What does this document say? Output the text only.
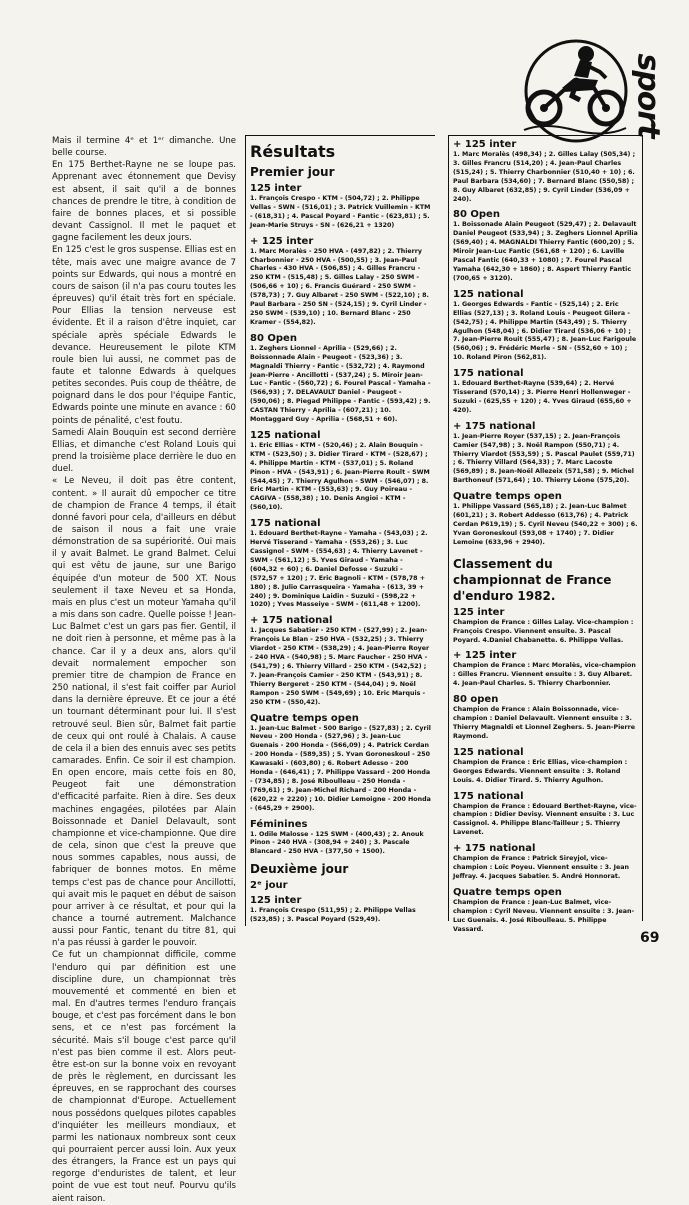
sport

Mais il termine 4ᵉ et 1ᵉʳ dimanche. Une belle course.

En 175 Berthet-Rayne ne se loupe pas. Apprenant avec étonnement que Devisy est absent, il sait qu'il a de bonnes chances de prendre le titre, à condition de faire de bonnes places, et si possible devant Cassignol. Il met le paquet et gagne facilement les deux jours.

En 125 c'est le gros suspense. Ellias est en tête, mais avec une maigre avance de 7 points sur Edwards, qui nous a montré en cours de saison (il n'a pas couru toutes les épreuves) qu'il était très fort en spéciale. Pour Ellias la tension nerveuse est évidente. Et il a raison d'être inquiet, car spéciale après spéciale Edwards le devance. Heureusement le pilote KTM roule bien lui aussi, ne commet pas de faute et talonne Edwards à quelques petites secondes. Puis coup de théâtre, de poignard dans le dos pour l'équipe Fantic, Edwards pointe une minute en avance : 60 points de pénalité, c'est foutu.

Samedi Alain Bouquin est second derrière Ellias, et dimanche c'est Roland Louis qui prend la troisième place derrière le duo en duel.

« Le Neveu, il doit pas être content, content. » Il aurait dû empocher ce titre de champion de France 4 temps, il était donné favori pour cela, d'ailleurs en début de saison il nous a fait une vraie démonstration de sa supériorité. Oui mais il y avait Balmet. Le grand Balmet. Celui qui est vêtu de jaune, sur une Barigo équipée d'un moteur de 500 XT. Nous seulement il taxe Neveu et sa Honda, mais en plus c'est un moteur Yamaha qu'il a mis dans son cadre. Quelle poisse ! Jean-Luc Balmet c'est un gars pas fier. Gentil, il ne doit rien à personne, et même pas à la chance. Car il y a deux ans, alors qu'il devait normalement empocher son premier titre de champion de France en 250 national, il s'est fait coiffer par Auriol dans la dernière épreuve. Et ce jour a été un tournant déterminant pour lui. Il s'est retrouvé seul. Bien sûr, Balmet fait partie de ceux qui ont roulé à Chalais. A cause de cela il a bien des ennuis avec ses petits camarades. Enfin. Ce soir il est champion. En open encore, mais cette fois en 80, Peugeot fait une démonstration d'efficacité parfaite. Rien à dire. Ses deux machines engagées, pilotées par Alain Boissonnade et Daniel Delavault, sont championne et vice-championne. Que dire de cela, sinon que c'est la preuve que nous sommes capables, nous aussi, de fabriquer de bonnes motos. En même temps c'est pas de chance pour Ancillotti, qui avait mis le paquet en début de saison pour arriver à ce résultat, et pour qui la chance a tourné autrement. Malchance aussi pour Fantic, tenant du titre 81, qui n'a pas réussi à garder le pouvoir.

Ce fut un championnat difficile, comme l'enduro qui par définition est une discipline dure, un championnat très mouvementé et commenté en bien et mal. En d'autres termes l'enduro français bouge, et c'est pas forcément dans le bon sens, et ce n'est pas forcément la sécurité. Mais s'il bouge c'est parce qu'il n'est pas bien comme il est. Alors peut-être est-on sur la bonne voix en revoyant de près le règlement, en durcissant les épreuves, en se rapprochant des courses de championnat d'Europe. Actuellement nous possédons quelques pilotes capables d'inquiéter les meilleurs mondiaux, et parmi les nationaux nombreux sont ceux qui pourraient percer aussi loin. Aux yeux des étrangers, la France est un pays qui regorge d'enduristes de talent, et leur point de vue est tout neuf. Pourvu qu'ils aient raison.

Résultats
Premier jour
125 inter

1. François Crespo - KTM - (504,72) ; 2. Philippe Vellas - SWN - (516,01) ; 3. Patrick Vuillemin - KTM - (618,31) ; 4. Pascal Poyard - Fantic - (623,81) ; 5. Jean-Marie Struys - SN - (626,21 + 1320)

+ 125 inter

1. Marc Moralès - 250 HVA - (497,82) ; 2. Thierry Charbonnier - 250 HVA - (500,55) ; 3. Jean-Paul Charles - 430 HVA - (506,85) ; 4. Gilles Francru - 250 KTM - (515,48) ; 5. Gilles Lalay - 250 SWM - (506,66 + 10) ; 6. Francis Guérard - 250 SWM - (578,73) ; 7. Guy Albaret - 250 SWM - (522,10) ; 8. Paul Barbara - 250 SN - (524,15) ; 9. Cyril Linder - 250 SWM - (539,10) ; 10. Bernard Blanc - 250 Kramer - (554,82).

80 Open

1. Zeghers Lionnel - Aprilia - (529,66) ; 2. Boissonnade Alain - Peugeot - (523,36) ; 3. Magnaldi Thierry - Fantic - (532,72) ; 4. Raymond Jean-Pierre - Ancillotti - (537,24) ; 5. Miroir Jean-Luc - Fantic - (560,72) ; 6. Fourel Pascal - Yamaha - (566,93) ; 7. DELAVAULT Daniel - Peugeot - (590,06) ; 8. Piegad Philippe - Fantic - (593,42) ; 9. CASTAN Thierry - Aprilia - (607,21) ; 10. Montaggard Guy - Aprilia - (568,51 + 60).

125 national

1. Eric Ellias - KTM - (520,46) ; 2. Alain Bouquin - KTM - (523,50) ; 3. Didier Tirard - KTM - (528,67) ; 4. Philippe Martin - KTM - (537,01) ; 5. Roland Pinon - HVA - (543,91) ; 6. Jean-Pierre Roult - SWM (544,45) ; 7. Thierry Agulhon - SWM - (546,07) ; 8. Eric Martin - KTM - (553,63) ; 9. Guy Poireau - CAGIVA - (558,38) ; 10. Denis Angioi - KTM - (560,10).

175 national

1. Edouard Berthet-Rayne - Yamaha - (543,03) ; 2. Hervé Tisserand - Yamaha - (553,26) ; 3. Luc Cassignol - SWM - (554,63) ; 4. Thierry Lavenet - SWM - (561,12) ; 5. Yves Giraud - Yamaha - (604,32 + 60) ; 6. Daniel Defosse - Suzuki - (572,57 + 120) ; 7. Eric Bagnoli - KTM - (578,78 + 180) ; 8. Julio Carrasqueira - Yamaha - (613, 39 + 240) ; 9. Dominique Laidin - Suzuki - (598,22 + 1020) ; Yves Masseiye - SWM - (611,48 + 1200).

+ 175 national

1. Jacques Sabatier - 250 KTM - (527,99) ; 2. Jean-François Le Blan - 250 HVA - (532,25) ; 3. Thierry Viardot - 250 KTM - (538,29) ; 4. Jean-Pierre Royer - 240 HVA - (540,98) ; 5. Marc Faucher - 250 HVA - (541,79) ; 6. Thierry Villard - 250 KTM - (542,52) ; 7. Jean-François Camier - 250 KTM - (543,91) ; 8. Thierry Bergeret - 250 KTM - (544,04) ; 9. Noël Rampon - 250 SWM - (549,69) ; 10. Eric Marquis - 250 KTM - (550,42).

Quatre temps open

1. Jean-Luc Balmet - 500 Barigo - (527,83) ; 2. Cyril Neveu - 200 Honda - (527,96) ; 3. Jean-Luc Guenais - 200 Honda - (566,09) ; 4. Patrick Cerdan - 200 Honda - (589,35) ; 5. Yvan Goroneskoul - 250 Kawasaki - (603,80) ; 6. Robert Adesso - 200 Honda - (646,41) ; 7. Philippe Vassard - 200 Honda - (734,85) ; 8. José Riboulleau - 250 Honda - (769,61) ; 9. Jean-Michel Richard - 200 Honda - (620,22 + 2220) ; 10. Didier Lemoigne - 200 Honda - (645,29 + 2900).

Féminines

1. Odile Malosse - 125 SWM - (400,43) ; 2. Anouk Pinon - 240 HVA - (308,94 + 240) ; 3. Pascale Blancard - 250 HVA - (377,50 + 1500).

Deuxième jour
2ᵉ jour
125 inter

1. François Crespo (511,95) ; 2. Philippe Vellas (523,85) ; 3. Pascal Poyard (529,49).

+ 125 inter

1. Marc Moralès (498,34) ; 2. Gilles Lalay (505,34) ; 3. Gilles Francru (514,20) ; 4. Jean-Paul Charles (515,24) ; 5. Thierry Charbonnier (510,40 + 10) ; 6. Paul Barbara (534,60) ; 7. Bernard Blanc (550,58) ; 8. Guy Albaret (632,85) ; 9. Cyril Linder (536,09 + 240).

80 Open

1. Boissonade Alain Peugeot (529,47) ; 2. Delavault Daniel Peugeot (533,94) ; 3. Zeghers Lionnel Aprilia (569,40) ; 4. MAGNALDI Thierry Fantic (600,20) ; 5. Miroir Jean-Luc Fantic (561,68 + 120) ; 6. Laville Pascal Fantic (640,33 + 1080) ; 7. Fourel Pascal Yamaha (642,30 + 1860) ; 8. Aspert Thierry Fantic (700,65 + 3120).

125 national

1. Georges Edwards - Fantic - (525,14) ; 2. Eric Ellias (527,13) ; 3. Roland Louis - Peugeot Gilera - (542,75) ; 4. Philippe Martin (543,49) ; 5. Thierry Agulhon (548,04) ; 6. Didier Tirard (536,06 + 10) ; 7. Jean-Pierre Rouit (555,47) ; 8. Jean-Luc Farigoule (560,06) ; 9. Frédéric Merle - SN - (552,60 + 10) ; 10. Roland Piron (562,81).

175 national

1. Edouard Berthet-Rayne (539,64) ; 2. Hervé Tisserand (570,14) ; 3. Pierre Henri Hollenweger - Suzuki - (625,55 + 120) ; 4. Yves Giraud (655,60 + 420).

+ 175 national

1. Jean-Pierre Royer (537,15) ; 2. Jean-François Camier (547,98) ; 3. Noël Rampon (550,71) ; 4. Thierry Viardot (553,59) ; 5. Pascal Paulet (559,71) ; 6. Thierry Villard (564,33) ; 7. Marc Lacoste (569,89) ; 8. Jean-Noël Allezeix (571,58) ; 9. Michel Barthoneuf (571,64) ; 10. Thierry Léone (575,20).

Quatre temps open

1. Philippe Vassard (565,18) ; 2. Jean-Luc Balmet (601,21) ; 3. Robert Addesso (613,76) ; 4. Patrick Cerdan P619,19) ; 5. Cyril Neveu (540,22 + 300) ; 6. Yvan Goroneskoul (593,08 + 1740) ; 7. Didier Lemoine (633,96 + 2940).

Classement du championnat de France d'enduro 1982.
125 inter

Champion de France : Gilles Lalay. Vice-champion : François Crespo. Viennent ensuite. 3. Pascal Poyard. 4.Daniel Chabanette. 6. Philippe Vellas.

+ 125 inter

Champion de France : Marc Moralès, vice-champion : Gilles Francru. Viennent ensuite : 3. Guy Albaret. 4. Jean-Paul Charles. 5. Thierry Charbonnier.

80 open

Champion de France : Alain Boissonnade, vice-champion : Daniel Delavault. Viennent ensuite : 3. Thierry Magnaldi et Lionnel Zeghers. 5. Jean-Pierre Raymond.

125 national

Champion de France : Eric Ellias, vice-champion : Georges Edwards. Viennent ensuite : 3. Roland Louis. 4. Didier Tirard. 5. Thierry Agulhon.

175 national

Champion de France : Edouard Berthet-Rayne, vice-champion : Didier Devisy. Viennent ensuite : 3. Luc Cassignol. 4. Philippe Blanc-Tailleur ; 5. Thierry Lavenet.

+ 175 national

Champion de France : Patrick Sireyjol, vice-champion : Loïc Poyeu. Viennent ensuite : 3. Jean Jeffray. 4. Jacques Sabatier. 5. André Honnorat.

Quatre temps open

Champion de France : Jean-Luc Balmet, vice-champion : Cyril Neveu. Viennent ensuite : 3. Jean-Luc Guenais. 4. José Riboulleau. 5. Philippe Vassard.

69
